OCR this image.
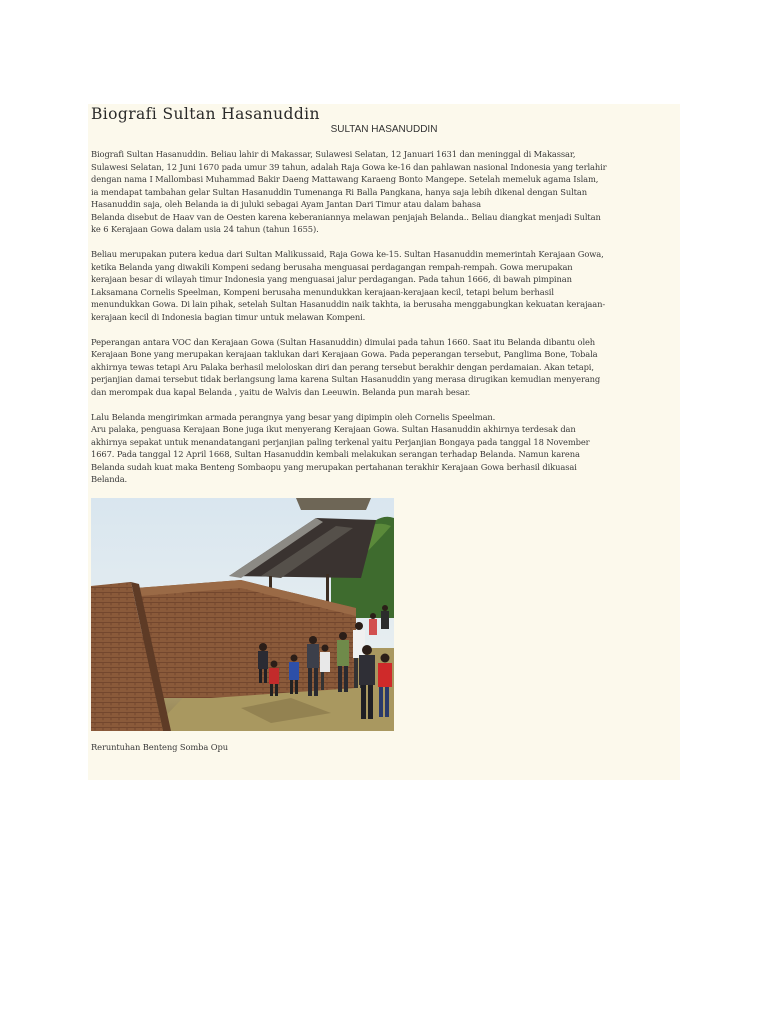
Biografi Sultan Hasanuddin
SULTAN HASANUDDIN

Biografi Sultan Hasanuddin. Beliau lahir di Makassar, Sulawesi Selatan, 12 Januari 1631 dan meninggal di Makassar,
Sulawesi Selatan, 12 Juni 1670 pada umur 39 tahun, adalah Raja Gowa ke-16 dan pahlawan nasional Indonesia yang terlahir
dengan nama I Mallombasi Muhammad Bakir Daeng Mattawang Karaeng Bonto Mangepe. Setelah memeluk agama Islam,
ia mendapat tambahan gelar Sultan Hasanuddin Tumenanga Ri Balla Pangkana, hanya saja lebih dikenal dengan Sultan
Hasanuddin saja, oleh Belanda ia di juluki sebagai Ayam Jantan Dari Timur atau dalam bahasa
Belanda disebut de Haav van de Oesten karena keberaniannya melawan penjajah Belanda.. Beliau diangkat menjadi Sultan
ke 6 Kerajaan Gowa dalam usia 24 tahun (tahun 1655).

Beliau merupakan putera kedua dari Sultan Malikussaid, Raja Gowa ke-15. Sultan Hasanuddin memerintah Kerajaan Gowa,
ketika Belanda yang diwakili Kompeni sedang berusaha menguasai perdagangan rempah-rempah. Gowa merupakan
kerajaan besar di wilayah timur Indonesia yang menguasai jalur perdagangan. Pada tahun 1666, di bawah pimpinan
Laksamana Cornelis Speelman, Kompeni berusaha menundukkan kerajaan-kerajaan kecil, tetapi belum berhasil
menundukkan Gowa. Di lain pihak, setelah Sultan Hasanuddin naik takhta, ia berusaha menggabungkan kekuatan kerajaan-
kerajaan kecil di Indonesia bagian timur untuk melawan Kompeni.

Peperangan antara VOC dan Kerajaan Gowa (Sultan Hasanuddin) dimulai pada tahun 1660. Saat itu Belanda dibantu oleh
Kerajaan Bone yang merupakan kerajaan taklukan dari Kerajaan Gowa. Pada peperangan tersebut, Panglima Bone, Tobala
akhirnya tewas tetapi Aru Palaka berhasil meloloskan diri dan perang tersebut berakhir dengan perdamaian. Akan tetapi,
perjanjian damai tersebut tidak berlangsung lama karena Sultan Hasanuddin yang merasa dirugikan kemudian menyerang
dan merompak dua kapal Belanda , yaitu de Walvis dan Leeuwin. Belanda pun marah besar.

Lalu Belanda mengirimkan armada perangnya yang besar yang dipimpin oleh Cornelis Speelman.
Aru palaka, penguasa Kerajaan Bone juga ikut menyerang Kerajaan Gowa. Sultan Hasanuddin akhirnya terdesak dan
akhirnya sepakat untuk menandatangani perjanjian paling terkenal yaitu Perjanjian Bongaya pada tanggal 18 November
1667. Pada tanggal 12 April 1668, Sultan Hasanuddin kembali melakukan serangan terhadap Belanda. Namun karena
Belanda sudah kuat maka Benteng Sombaopu yang merupakan pertahanan terakhir Kerajaan Gowa berhasil dikuasai
Belanda.

Reruntuhan Benteng Somba Opu
